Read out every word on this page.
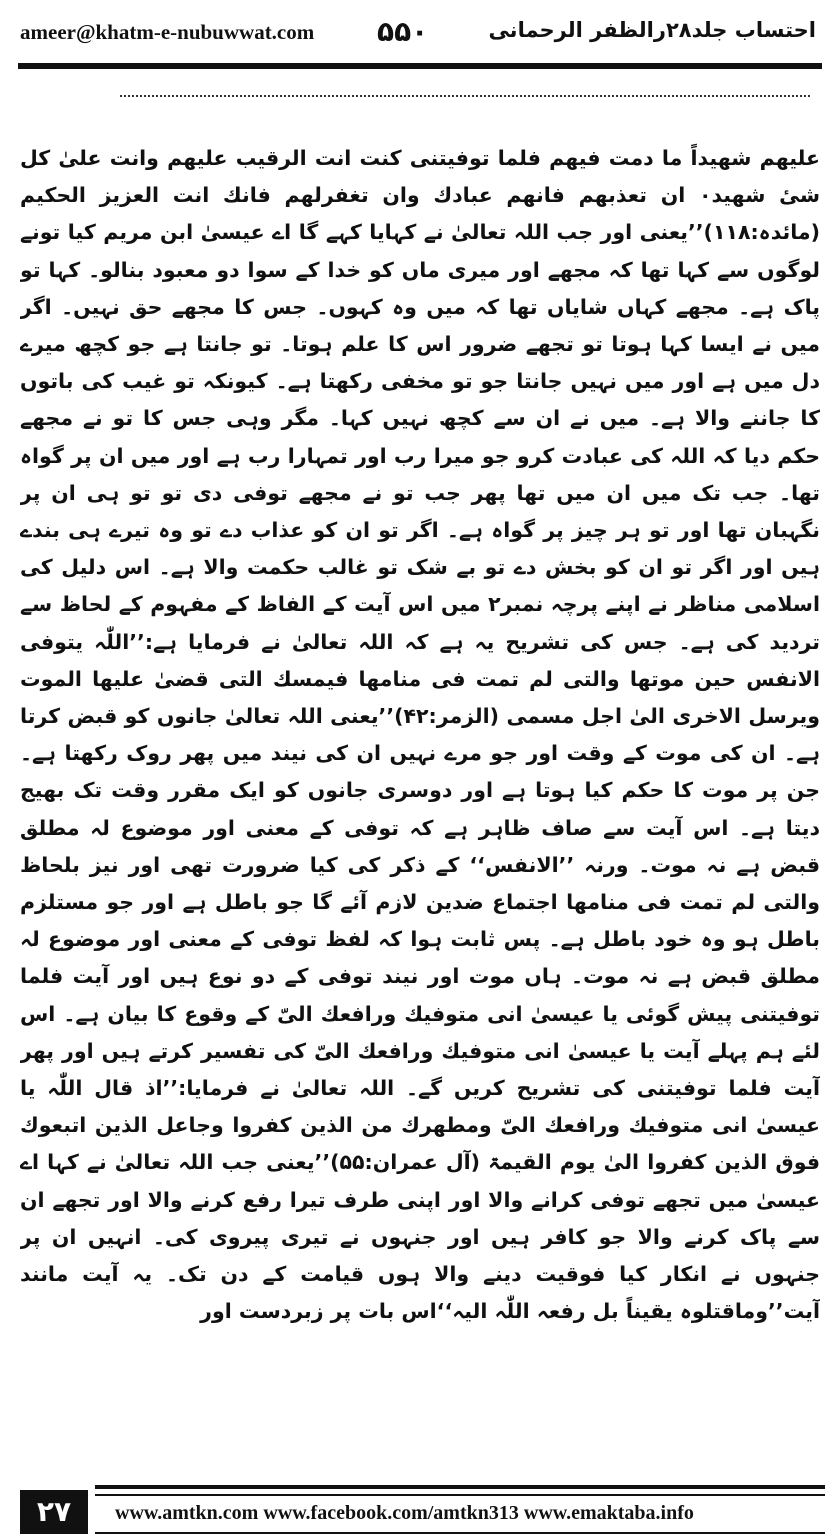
ameer@khatm-e-nubuwwat.com ۵۵۰	احتساب جلد۲۸رالظفر الرحمانی
علیھم شھیداً ما دمت فیھم فلما توفیتنی کنت انت الرقیب علیھم وانت علیٰ کل شیٔ شھید۰ ان تعذبھم فانھم عبادك وان تغفرلھم فانك انت العزیز الحکیم (مائدہ:۱۱۸)’’یعنی اور جب اللہ تعالیٰ نے کہایا کہے گا اے عیسیٰ ابن مریم کیا تونے لوگوں سے کہا تھا کہ مجھے اور میری ماں کو خدا کے سوا دو معبود بنالو۔ کہا تو پاک ہے۔ مجھے کہاں شایاں تھا کہ میں وہ کہوں۔ جس کا مجھے حق نہیں۔ اگر میں نے ایسا کہا ہوتا تو تجھے ضرور اس کا علم ہوتا۔ تو جانتا ہے جو کچھ میرے دل میں ہے اور میں نہیں جانتا جو تو مخفی رکھتا ہے۔ کیونکہ تو غیب کی باتوں کا جاننے والا ہے۔ میں نے ان سے کچھ نہیں کہا۔ مگر وہی جس کا تو نے مجھے حکم دیا کہ اللہ کی عبادت کرو جو میرا رب اور تمہارا رب ہے اور میں ان پر گواہ تھا۔ جب تک میں ان میں تھا پھر جب تو نے مجھے توفی دی تو تو ہی ان پر نگہبان تھا اور تو ہر چیز پر گواہ ہے۔ اگر تو ان کو عذاب دے تو وہ تیرے ہی بندے ہیں اور اگر تو ان کو بخش دے تو بے شک تو غالب حکمت والا ہے۔ اس دلیل کی اسلامی مناظر نے اپنے پرچہ نمبر۲ میں اس آیت کے الفاظ کے مفہوم کے لحاظ سے تردید کی ہے۔ جس کی تشریح یہ ہے کہ اللہ تعالیٰ نے فرمایا ہے:’’اللّٰہ یتوفی الانفس حین موتھا والتی لم تمت فی منامھا فیمسك التی قضیٰ علیھا الموت ویرسل الاخری الیٰ اجل مسمی (الزمر:۴۲)’’یعنی اللہ تعالیٰ جانوں کو قبض کرتا ہے۔ ان کی موت کے وقت اور جو مرے نہیں ان کی نیند میں پھر روک رکھتا ہے۔ جن پر موت کا حکم کیا ہوتا ہے اور دوسری جانوں کو ایک مقرر وقت تک بھیج دیتا ہے۔ اس آیت سے صاف ظاہر ہے کہ توفی کے معنی اور موضوع لہ مطلق قبض ہے نہ موت۔ ورنہ ’’الانفس‘‘ کے ذکر کی کیا ضرورت تھی اور نیز بلحاظ والتی لم تمت فی منامھا اجتماع ضدین لازم آئے گا جو باطل ہے اور جو مستلزم باطل ہو وہ خود باطل ہے۔ پس ثابت ہوا کہ لفظ توفی کے معنی اور موضوع لہ مطلق قبض ہے نہ موت۔ ہاں موت اور نیند توفی کے دو نوع ہیں اور آیت فلما توفیتنی پیش گوئی یا عیسیٰ انی متوفیك ورافعك الیّ کے وقوع کا بیان ہے۔ اس لئے ہم پہلے آیت یا عیسیٰ انی متوفیك ورافعك الیّ کی تفسیر کرتے ہیں اور پھر آیت فلما توفیتنی کی تشریح کریں گے۔ اللہ تعالیٰ نے فرمایا:’’اذ قال اللّٰہ یا عیسیٰ انی متوفیك ورافعك الیّ ومطھرك من الذین کفروا وجاعل الذین اتبعوك فوق الذین کفروا الیٰ یوم القیمۃ (آل عمران:۵۵)’’یعنی جب اللہ تعالیٰ نے کہا اے عیسیٰ میں تجھے توفی کرانے والا اور اپنی طرف تیرا رفع کرنے والا اور تجھے ان سے پاک کرنے والا جو کافر ہیں اور جنہوں نے تیری پیروی کی۔ انہیں ان پر جنہوں نے انکار کیا فوقیت دینے والا ہوں قیامت کے دن تک۔ یہ آیت مانند آیت’’وماقتلوہ یقیناً بل رفعہ اللّٰہ الیہ‘‘اس بات پر زبردست اور
۲۷	www.amtkn.com www.facebook.com/amtkn313 www.emaktaba.info
